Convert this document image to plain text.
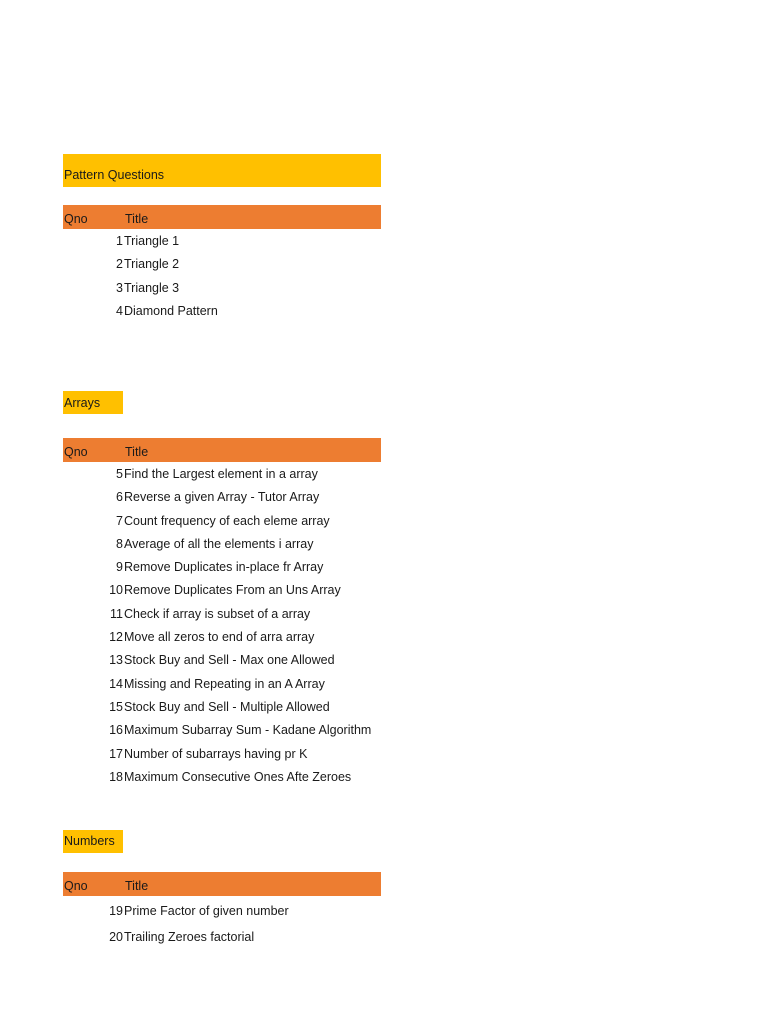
Pattern Questions
Qno	Title
1 Triangle 1
2 Triangle 2
3 Triangle 3
4 Diamond Pattern
Arrays
Qno	Title
5 Find the Largest element in a array
6 Reverse a given Array - Tutor Array
7 Count frequency of each eleme array
8 Average of all the elements i array
9 Remove Duplicates in-place fr Array
10 Remove Duplicates From an Uns Array
11 Check if array is subset of a array
12 Move all zeros to end of arra array
13 Stock Buy and Sell - Max one Allowed
14 Missing and Repeating in an A Array
15 Stock Buy and Sell - Multiple Allowed
16 Maximum Subarray Sum - Kadane Algorithm
17 Number of subarrays having pr K
18 Maximum Consecutive Ones Afte Zeroes
Numbers
Qno	Title
19 Prime Factor of given number
20 Trailing Zeroes factorial
